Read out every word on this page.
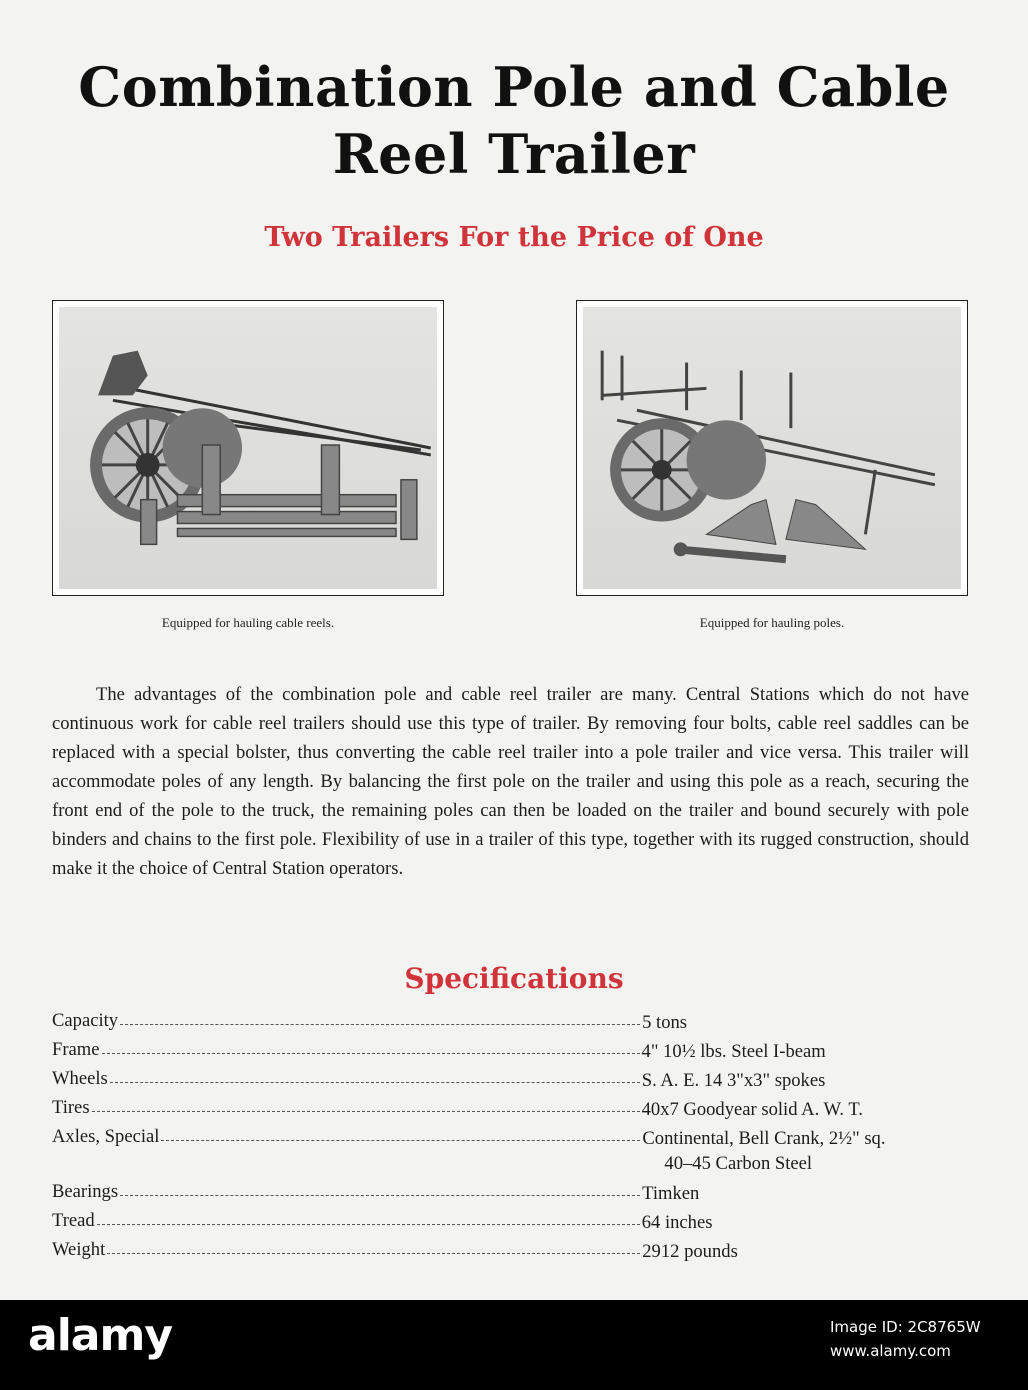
Combination Pole and Cable
Reel Trailer
Two Trailers For the Price of One
Equipped for hauling cable reels.	Equipped for hauling poles.

The advantages of the combination pole and cable reel trailer are many. Central Stations which do not have continuous work for cable reel trailers should use this type of trailer. By removing four bolts, cable reel saddles can be replaced with a special bolster, thus converting the cable reel trailer into a pole trailer and vice versa. This trailer will accommodate poles of any length. By balancing the first pole on the trailer and using this pole as a reach, securing the front end of the pole to the truck, the remaining poles can then be loaded on the trailer and bound securely with pole binders and chains to the first pole. Flexibility of use in a trailer of this type, together with its rugged construction, should make it the choice of Central Station operators.

Specifications
Capacity	5 tons
Frame	4" 10½ lbs. Steel I-beam
Wheels	S. A. E. 14 3"x3" spokes
Tires	40x7 Goodyear solid A. W. T.
Axles, Special	Continental, Bell Crank, 2½" sq.
40–45 Carbon Steel
Bearings	Timken
Tread	64 inches
Weight	2912 pounds
alamy	Image ID: 2C8765W
www.alamy.com
